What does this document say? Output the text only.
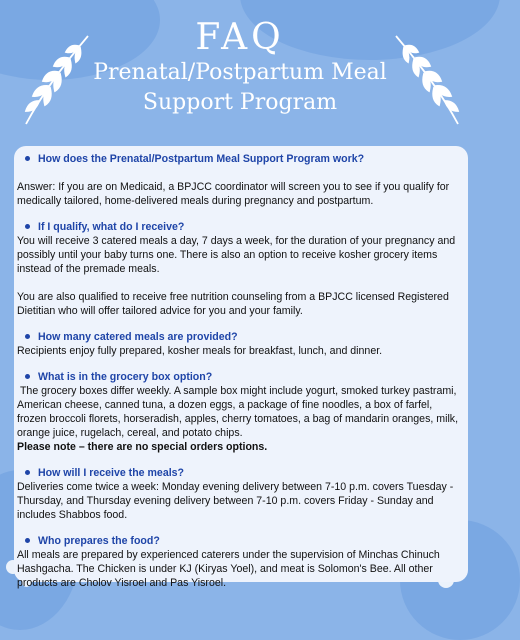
FAQ
Prenatal/Postpartum Meal
Support Program
How does the Prenatal/Postpartum Meal Support Program work?

Answer: If you are on Medicaid, a BPJCC coordinator will screen you to see if you qualify for medically tailored, home-delivered meals during pregnancy and postpartum.

If I qualify, what do I receive?

You will receive 3 catered meals a day, 7 days a week, for the duration of your pregnancy and possibly until your baby turns one. There is also an option to receive kosher grocery items instead of the premade meals.

You are also qualified to receive free nutrition counseling from a BPJCC licensed Registered Dietitian who will offer tailored advice for you and your family.

How many catered meals are provided?

Recipients enjoy fully prepared, kosher meals for breakfast, lunch, and dinner.

What is in the grocery box option?

The grocery boxes differ weekly. A sample box might include yogurt, smoked turkey pastrami, American cheese, canned tuna, a dozen eggs, a package of fine noodles, a box of farfel, frozen broccoli florets, horseradish, apples, cherry tomatoes, a bag of mandarin oranges, milk, orange juice, rugelach, cereal, and potato chips.

Please note – there are no special orders options.
How will I receive the meals?

Deliveries come twice a week: Monday evening delivery between 7-10 p.m. covers Tuesday - Thursday, and Thursday evening delivery between 7-10 p.m. covers Friday - Sunday and includes Shabbos food.

Who prepares the food?

All meals are prepared by experienced caterers under the supervision of Minchas Chinuch Hashgacha. The Chicken is under KJ (Kiryas Yoel), and meat is Solomon's Bee. All other products are Cholov Yisroel and Pas Yisroel.
